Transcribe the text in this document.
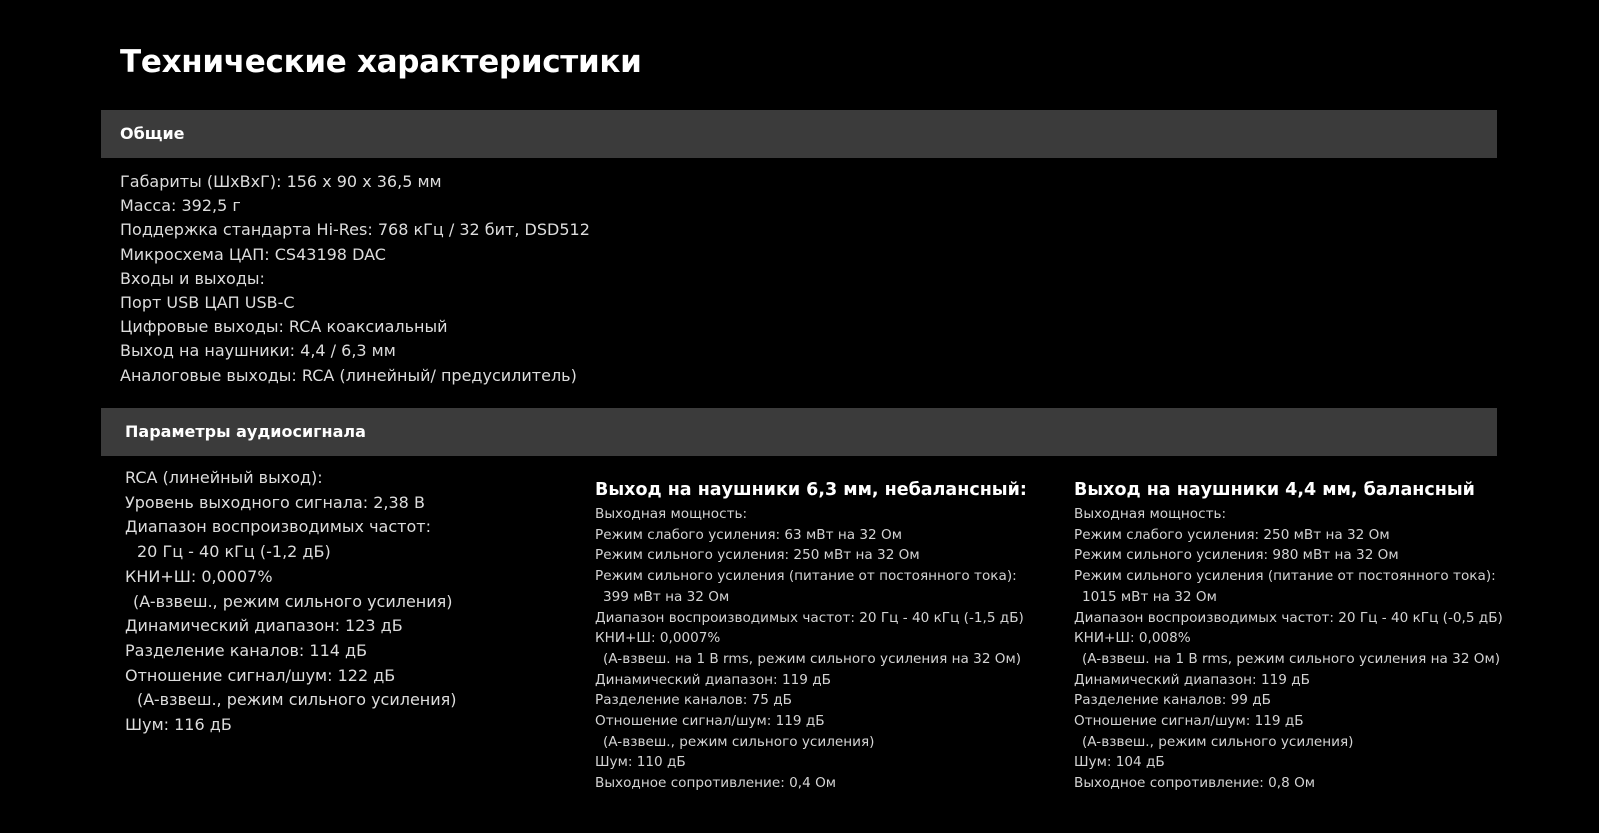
Технические характеристики
Общие
Габариты (ШхВхГ): 156 x 90 x 36,5 мм
Масса: 392,5 г
Поддержка стандарта Hi-Res: 768 кГц / 32 бит, DSD512
Микросхема ЦАП: CS43198 DAC
Входы и выходы:
Порт USB ЦАП USB-C
Цифровые выходы: RCA коаксиальный
Выход на наушники: 4,4 / 6,3 мм
Аналоговые выходы: RCA (линейный/ предусилитель)
Параметры аудиосигнала
RCA (линейный выход):
Уровень выходного сигнала: 2,38 В
Диапазон воспроизводимых частот:
20 Гц - 40 кГц (-1,2 дБ)
КНИ+Ш: 0,0007%
(A-взвеш., режим сильного усиления)
Динамический диапазон: 123 дБ
Разделение каналов: 114 дБ
Отношение сигнал/шум: 122 дБ
(A-взвеш., режим сильного усиления)
Шум: 116 дБ
Выход на наушники 6,3 мм, небалансный:
Выходная мощность:
Режим слабого усиления: 63 мВт на 32 Ом
Режим сильного усиления: 250 мВт на 32 Ом
Режим сильного усиления (питание от постоянного тока):
399 мВт на 32 Ом
Диапазон воспроизводимых частот: 20 Гц - 40 кГц (-1,5 дБ)
КНИ+Ш: 0,0007%
(A-взвеш. на 1 В rms, режим сильного усиления на 32 Ом)
Динамический диапазон: 119 дБ
Разделение каналов: 75 дБ
Отношение сигнал/шум: 119 дБ
(A-взвеш., режим сильного усиления)
Шум: 110 дБ
Выходное сопротивление: 0,4 Ом
Выход на наушники 4,4 мм, балансный
Выходная мощность:
Режим слабого усиления: 250 мВт на 32 Ом
Режим сильного усиления: 980 мВт на 32 Ом
Режим сильного усиления (питание от постоянного тока):
1015 мВт на 32 Ом
Диапазон воспроизводимых частот: 20 Гц - 40 кГц (-0,5 дБ)
КНИ+Ш: 0,008%
(A-взвеш. на 1 В rms, режим сильного усиления на 32 Ом)
Динамический диапазон: 119 дБ
Разделение каналов: 99 дБ
Отношение сигнал/шум: 119 дБ
(A-взвеш., режим сильного усиления)
Шум: 104 дБ
Выходное сопротивление: 0,8 Ом
